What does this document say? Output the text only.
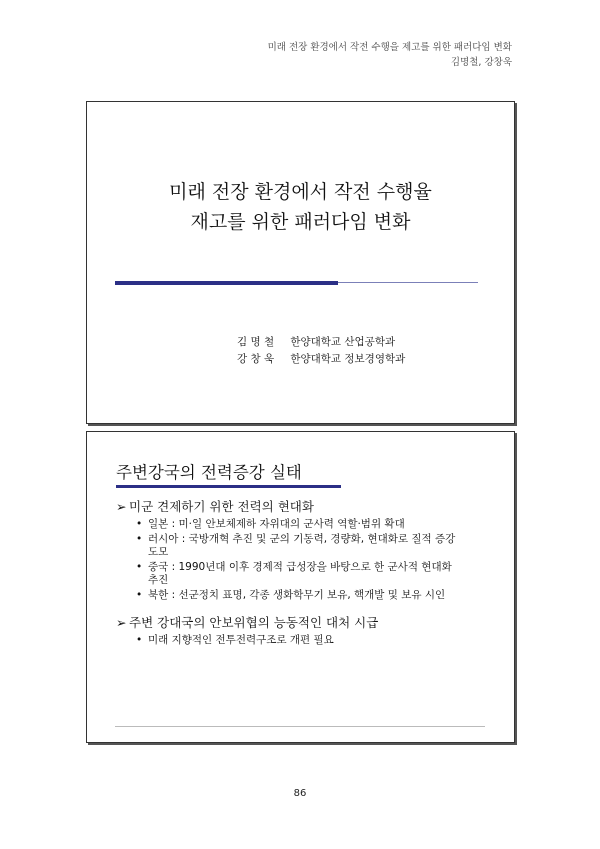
미래 전장 환경에서 작전 수행을 제고를 위한 패러다임 변화
김명철, 강창욱
미래 전장 환경에서 작전 수행율
재고를 위한 패러다임 변화
김 명 철 한양대학교 산업공학과
강 창 욱 한양대학교 정보경영학과
주변강국의 전력증강 실태
➢ 미군 견제하기 위한 전력의 현대화
• 일본 : 미·일 안보체제하 자위대의 군사력 역할·범위 확대
• 러시아 : 국방개혁 추진 및 군의 기동력, 경량화, 현대화로 질적 증강도모
• 중국 : 1990년대 이후 경제적 급성장을 바탕으로 한 군사적 현대화 추진
• 북한 : 선군정치 표명, 각종 생화학무기 보유, 핵개발 및 보유 시인
➢ 주변 강대국의 안보위협의 능동적인 대처 시급
• 미래 지향적인 전투전력구조로 개편 필요
86
